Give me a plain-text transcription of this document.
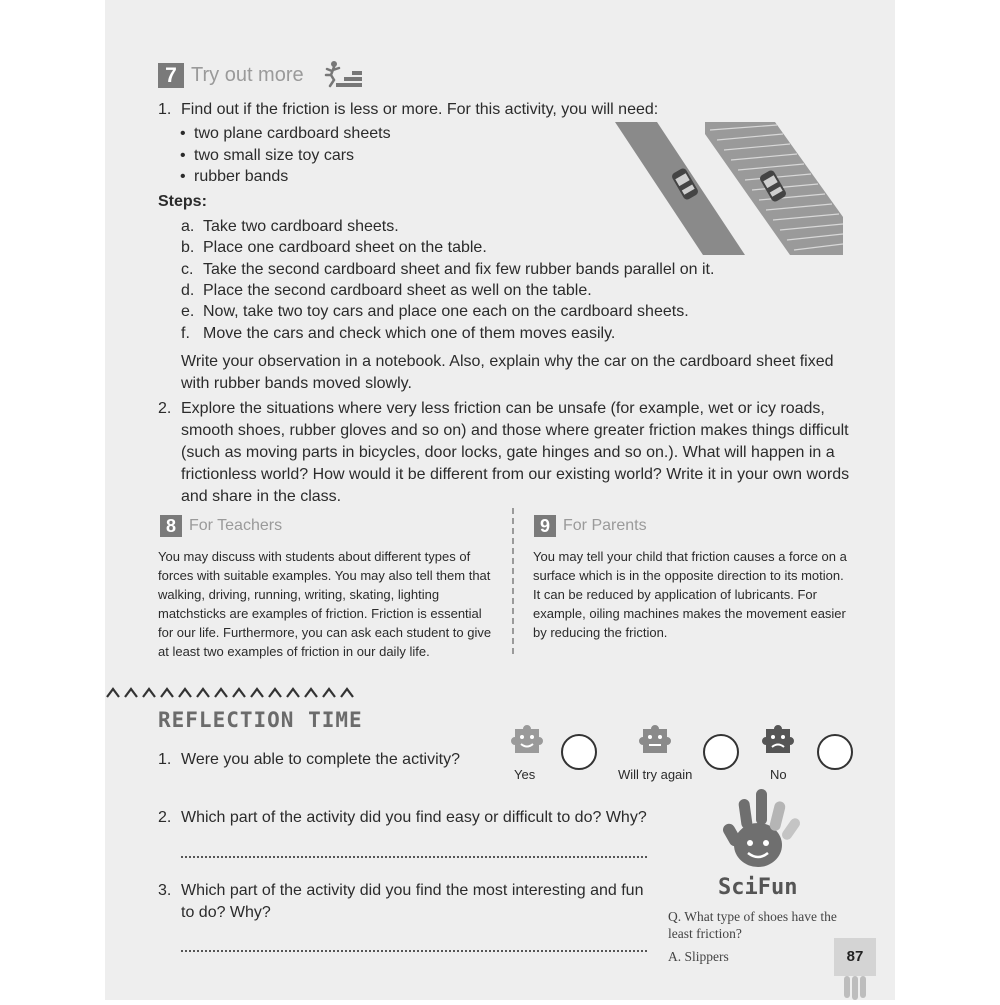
7 Try out more
1. Find out if the friction is less or more. For this activity, you will need:
• two plane cardboard sheets
• two small size toy cars
• rubber bands
Steps:
a. Take two cardboard sheets.
b. Place one cardboard sheet on the table.
c. Take the second cardboard sheet and fix few rubber bands parallel on it.
d. Place the second cardboard sheet as well on the table.
e. Now, take two toy cars and place one each on the cardboard sheets.
f. Move the cars and check which one of them moves easily.
Write your observation in a notebook. Also, explain why the car on the cardboard sheet fixed with rubber bands moved slowly.
2. Explore the situations where very less friction can be unsafe (for example, wet or icy roads, smooth shoes, rubber gloves and so on) and those where greater friction makes things difficult (such as moving parts in bicycles, door locks, gate hinges and so on.). What will happen in a frictionless world? How would it be different from our existing world? Write it in your own words and share in the class.
8 For Teachers
You may discuss with students about different types of forces with suitable examples. You may also tell them that walking, driving, running, writing, skating, lighting matchsticks are examples of friction. Friction is essential for our life. Furthermore, you can ask each student to give at least two examples of friction in our daily life.
9 For Parents
You may tell your child that friction causes a force on a surface which is in the opposite direction to its motion. It can be reduced by application of lubricants. For example, oiling machines makes the movement easier by reducing the friction.
REFLECTION TIME
1. Were you able to complete the activity?
Yes	Will try again	No
2. Which part of the activity did you find easy or difficult to do? Why?
3. Which part of the activity did you find the most interesting and fun to do? Why?
SciFun
Q. What type of shoes have the least friction?
A. Slippers	87
